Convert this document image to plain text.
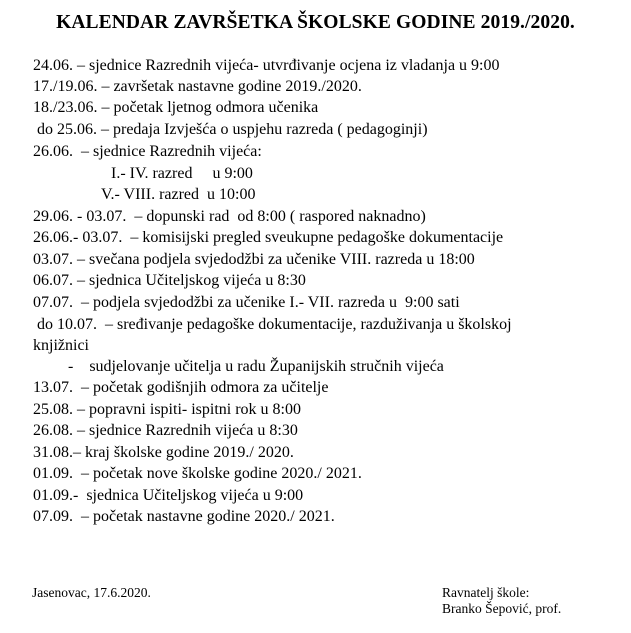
KALENDAR ZAVRŠETKA ŠKOLSKE GODINE 2019./2020.
24.06. – sjednice Razrednih vijeća- utvrđivanje ocjena iz vladanja u 9:00
17./19.06. – završetak nastavne godine 2019./2020.
18./23.06. – početak ljetnog odmora učenika
do 25.06. – predaja Izvješća o uspjehu razreda ( pedagoginji)
26.06.  – sjednice Razrednih vijeća:
I.- IV. razred     u 9:00
V.- VIII. razred  u 10:00
29.06. - 03.07.  – dopunski rad  od 8:00 ( raspored naknadno)
26.06.- 03.07.  – komisijski pregled sveukupne pedagoške dokumentacije
03.07. – svečana podjela svjedodžbi za učenike VIII. razreda u 18:00
06.07. – sjednica Učiteljskog vijeća u 8:30
07.07.  – podjela svjedodžbi za učenike I.- VII. razreda u  9:00 sati
do 10.07.  – sređivanje pedagoške dokumentacije, razduživanja u školskoj
knjižnici
-    sudjelovanje učitelja u radu Županijskih stručnih vijeća
13.07.  – početak godišnjih odmora za učitelje
25.08. – popravni ispiti- ispitni rok u 8:00
26.08. – sjednice Razrednih vijeća u 8:30
31.08.– kraj školske godine 2019./ 2020.
01.09.  – početak nove školske godine 2020./ 2021.
01.09.-  sjednica Učiteljskog vijeća u 9:00
07.09.  – početak nastavne godine 2020./ 2021.
Jasenovac, 17.6.2020.	Ravnatelj škole:
Branko Šepović, prof.
